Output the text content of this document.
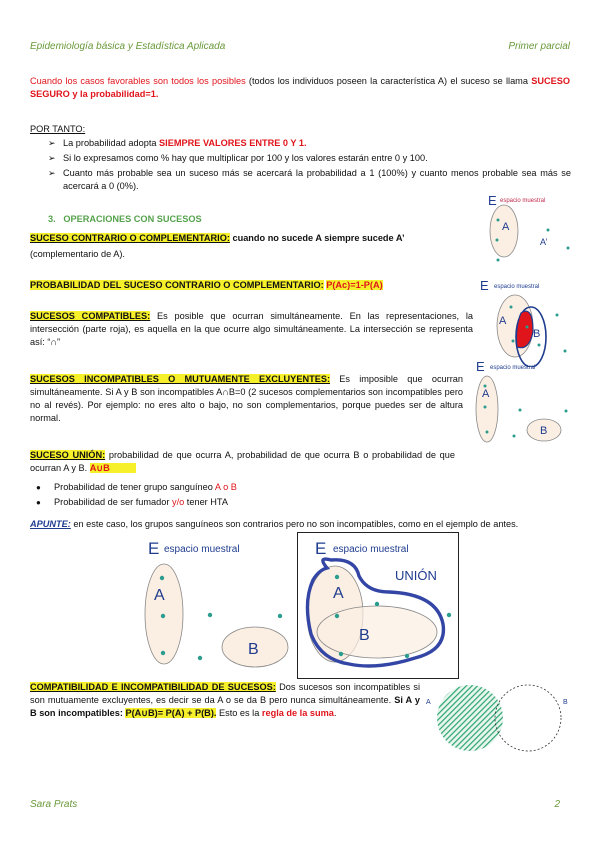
Epidemiología básica y Estadística Aplicada	Primer parcial
Cuando los casos favorables son todos los posibles (todos los individuos poseen la característica A) el suceso se llama SUCESO SEGURO y la probabilidad=1.
POR TANTO:
➢ La probabilidad adopta SIEMPRE VALORES ENTRE 0 Y 1.
➢ Si lo expresamos como % hay que multiplicar por 100 y los valores estarán entre 0 y 100.
➢ Cuanto más probable sea un suceso más se acercará la probabilidad a 1 (100%) y cuanto menos probable sea más se acercará a 0 (0%).
3. OPERACIONES CON SUCESOS
SUCESO CONTRARIO O COMPLEMENTARIO: cuando no sucede A siempre sucede A’
(complementario de A).
PROBABILIDAD DEL SUCESO CONTRARIO O COMPLEMENTARIO: P(Ac)=1-P(A)
SUCESOS COMPATIBLES: Es posible que ocurran simultáneamente. En las representaciones, la intersección (parte roja), es aquella en la que ocurre algo simultáneamente. La intersección se representa así: “∩”
SUCESOS INCOMPATIBLES O MUTUAMENTE EXCLUYENTES: Es imposible que ocurran simultáneamente. Si A y B son incompatibles A∩B=0 (2 sucesos complementarios son incompatibles pero no al revés). Por ejemplo: no eres alto o bajo, no son complementarios, porque puedes ser de altura normal.
SUCESO UNIÓN: probabilidad de que ocurra A, probabilidad de que ocurra B o probabilidad de que ocurran A y B. A∪B
● Probabilidad de tener grupo sanguíneo A o B
● Probabilidad de ser fumador y/o tener HTA
APUNTE: en este caso, los grupos sanguíneos son contrarios pero no son incompatibles, como en el ejemplo de antes.
COMPATIBILIDAD E INCOMPATIBILIDAD DE SUCESOS: Dos sucesos son incompatibles si son mutuamente excluyentes, es decir se da A o se da B pero nunca simultáneamente. Si A y B son incompatibles: P(A∪B)= P(A) + P(B). Esto es la regla de la suma.
E espacio muestral
A
A’
E espacio muestral
A
B
E espacio muestral
A
B
E espacio muestral
A
B
E espacio muestral
UNIÓN
A
B
A	B
Sara Prats	2
